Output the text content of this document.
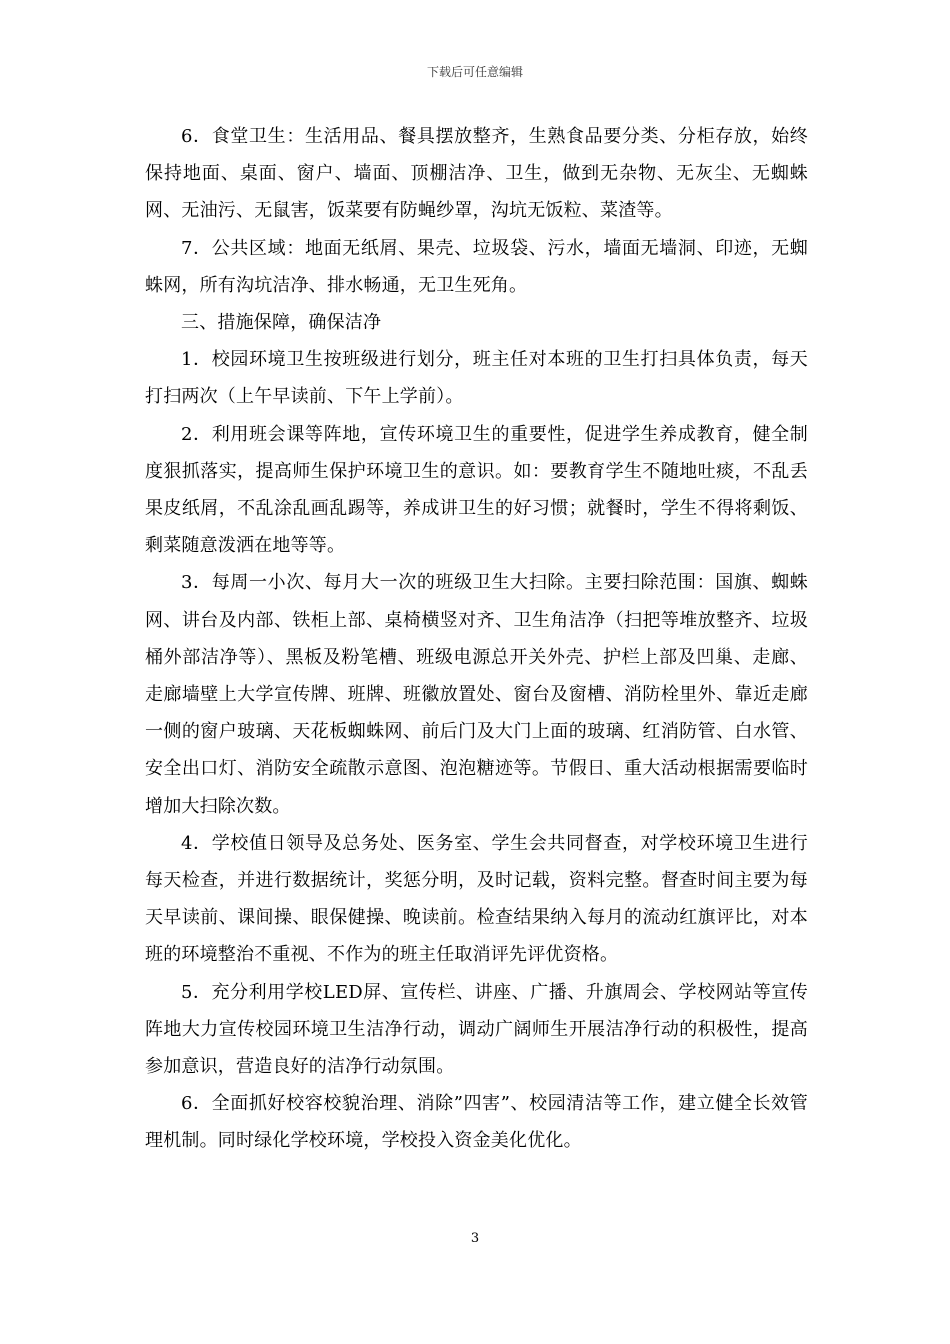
下载后可任意编辑

6．食堂卫生：生活用品、餐具摆放整齐，生熟食品要分类、分柜存放，始终保持地面、桌面、窗户、墙面、顶棚洁净、卫生，做到无杂物、无灰尘、无蜘蛛网、无油污、无鼠害，饭菜要有防蝇纱罩，沟坑无饭粒、菜渣等。

7．公共区域：地面无纸屑、果壳、垃圾袋、污水，墙面无墙洞、印迹，无蜘蛛网，所有沟坑洁净、排水畅通，无卫生死角。

三、措施保障，确保洁净

1．校园环境卫生按班级进行划分，班主任对本班的卫生打扫具体负责，每天打扫两次（上午早读前、下午上学前）。

2．利用班会课等阵地，宣传环境卫生的重要性，促进学生养成教育，健全制度狠抓落实，提高师生保护环境卫生的意识。如：要教育学生不随地吐痰，不乱丢果皮纸屑，不乱涂乱画乱踢等，养成讲卫生的好习惯；就餐时，学生不得将剩饭、剩菜随意泼洒在地等等。

3．每周一小次、每月大一次的班级卫生大扫除。主要扫除范围：国旗、蜘蛛网、讲台及内部、铁柜上部、桌椅横竖对齐、卫生角洁净（扫把等堆放整齐、垃圾桶外部洁净等）、黑板及粉笔槽、班级电源总开关外壳、护栏上部及凹巢、走廊、走廊墙壁上大学宣传牌、班牌、班徽放置处、窗台及窗槽、消防栓里外、靠近走廊一侧的窗户玻璃、天花板蜘蛛网、前后门及大门上面的玻璃、红消防管、白水管、安全出口灯、消防安全疏散示意图、泡泡糖迹等。节假日、重大活动根据需要临时增加大扫除次数。

4．学校值日领导及总务处、医务室、学生会共同督查，对学校环境卫生进行每天检查，并进行数据统计，奖惩分明，及时记载，资料完整。督查时间主要为每天早读前、课间操、眼保健操、晚读前。检查结果纳入每月的流动红旗评比，对本班的环境整治不重视、不作为的班主任取消评先评优资格。

5．充分利用学校LED屏、宣传栏、讲座、广播、升旗周会、学校网站等宣传阵地大力宣传校园环境卫生洁净行动，调动广阔师生开展洁净行动的积极性，提高参加意识，营造良好的洁净行动氛围。

6．全面抓好校容校貌治理、消除”四害”、校园清洁等工作，建立健全长效管理机制。同时绿化学校环境，学校投入资金美化优化。

3
